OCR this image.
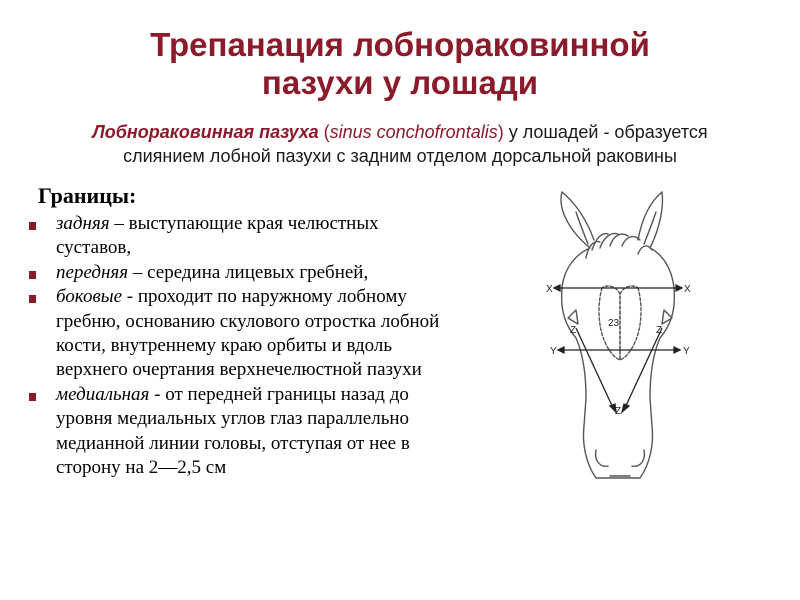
Трепанация лобнораковинной
пазухи у лошади
Лобнораковинная пазуха (sinus conchofrontalis) у лошадей - образуется
слиянием лобной пазухи с задним отделом дорсальной раковины
Границы:
задняя – выступающие края челюстных суставов,
передняя – середина лицевых гребней,
боковые - проходит по наружному лобному гребню, основанию скулового отростка лобной кости, внутреннему краю орбиты и вдоль верхнего очертания верхнечелюстной пазухи
медиальная - от передней границы назад до уровня медиальных углов глаз параллельно медианной линии головы, отступая от нее в сторону на 2—2,5 см
X	X
Y	Y
Z	Z
Z
23
